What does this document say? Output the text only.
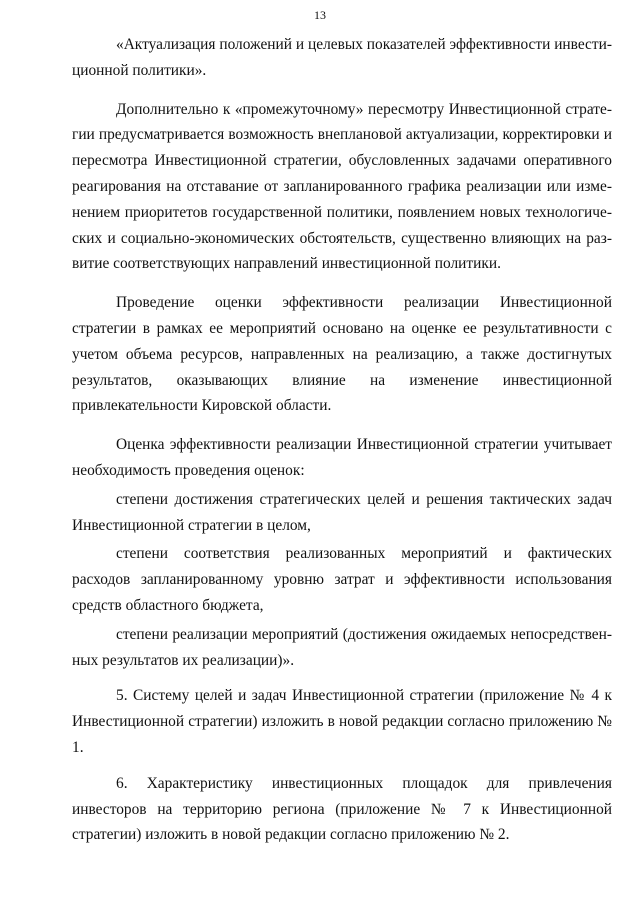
13

«Актуализация положений и целевых показателей эффективности инвестиционной политики».

Дополнительно к «промежуточному» пересмотру Инвестиционной стратегии предусматривается возможность внеплановой актуализации, корректировки и пересмотра Инвестиционной стратегии, обусловленных задачами оперативного реагирования на отставание от запланированного графика реализации или изменением приоритетов государственной политики, появлением новых технологических и социально-экономических обстоятельств, существенно влияющих на развитие соответствующих направлений инвестиционной политики.

Проведение оценки эффективности реализации Инвестиционной стратегии в рамках ее мероприятий основано на оценке ее результативности с учетом объема ресурсов, направленных на реализацию, а также достигнутых результатов, оказывающих влияние на изменение инвестиционной привлекательности Кировской области.

Оценка эффективности реализации Инвестиционной стратегии учитывает необходимость проведения оценок:

степени достижения стратегических целей и решения тактических задач Инвестиционной стратегии в целом,

степени соответствия реализованных мероприятий и фактических расходов запланированному уровню затрат и эффективности использования средств областного бюджета,

степени реализации мероприятий (достижения ожидаемых непосредственных результатов их реализации)».

5. Систему целей и задач Инвестиционной стратегии (приложение № 4 к Инвестиционной стратегии) изложить в новой редакции согласно приложению № 1.

6. Характеристику инвестиционных площадок для привлечения инвесторов на территорию региона (приложение № 7 к Инвестиционной стратегии) изложить в новой редакции согласно приложению № 2.
